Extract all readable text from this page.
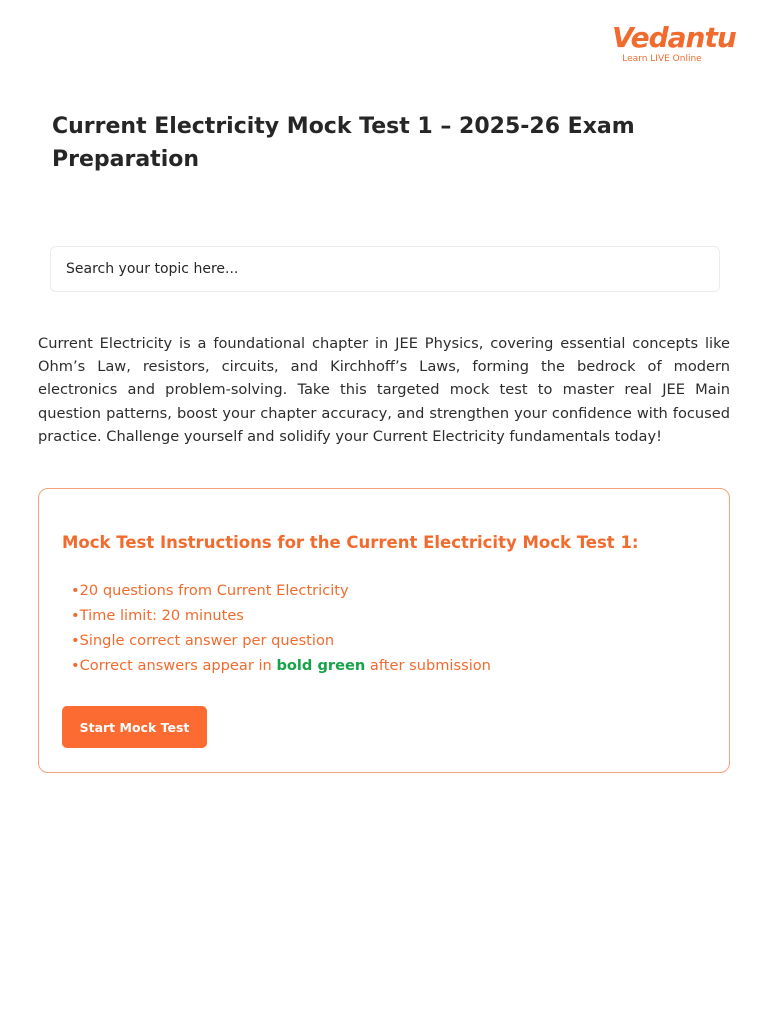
Vedantu
Learn LIVE Online
Current Electricity Mock Test 1 – 2025-26 Exam Preparation
Search your topic here...

Current Electricity is a foundational chapter in JEE Physics, covering essential concepts like Ohm’s Law, resistors, circuits, and Kirchhoff’s Laws, forming the bedrock of modern electronics and problem-solving. Take this targeted mock test to master real JEE Main question patterns, boost your chapter accuracy, and strengthen your confidence with focused practice. Challenge yourself and solidify your Current Electricity fundamentals today!

Mock Test Instructions for the Current Electricity Mock Test 1:
• 20 questions from Current Electricity
• Time limit: 20 minutes
• Single correct answer per question
• Correct answers appear in bold green after submission
Start Mock Test
